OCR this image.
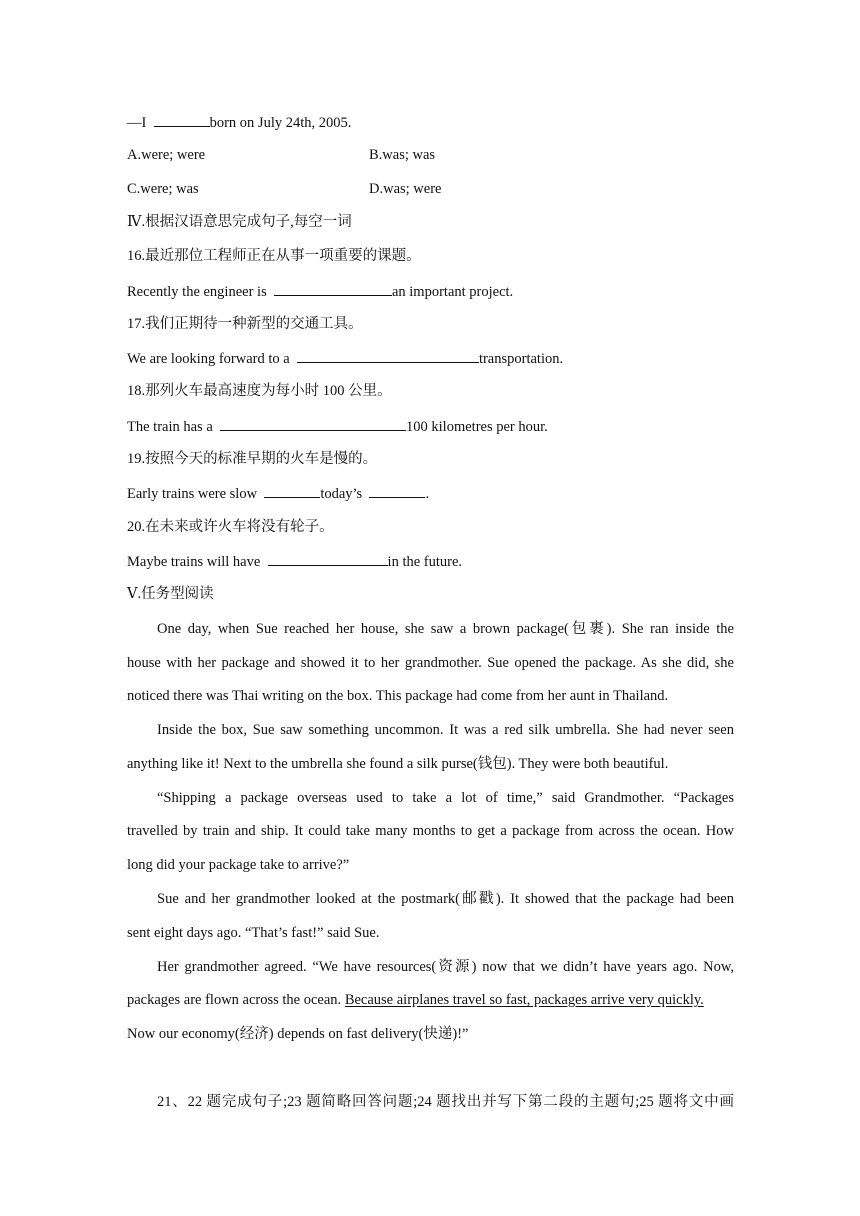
—I	born on July 24th, 2005.
A.were; were	B.was; was
C.were; was	D.was; were
Ⅳ.根据汉语意思完成句子,每空一词
16.最近那位工程师正在从事一项重要的课题。
Recently the engineer is	an important project.
17.我们正期待一种新型的交通工具。
We are looking forward to a	transportation.
18.那列火车最高速度为每小时 100 公里。
The train has a	100 kilometres per hour.
19.按照今天的标准早期的火车是慢的。
Early trains were slow	today’s	.
20.在未来或许火车将没有轮子。
Maybe trains will have	in the future.
Ⅴ.任务型阅读
One day, when Sue reached her house, she saw a brown package(包裹). She ran inside the
house with her package and showed it to her grandmother. Sue opened the package. As she did, she
noticed there was Thai writing on the box. This package had come from her aunt in Thailand.
Inside the box, Sue saw something uncommon. It was a red silk umbrella. She had never seen
anything like it! Next to the umbrella she found a silk purse(钱包). They were both beautiful.
“Shipping a package overseas used to take a lot of time,” said Grandmother. “Packages
travelled by train and ship. It could take many months to get a package from across the ocean. How
long did your package take to arrive?”
Sue and her grandmother looked at the postmark(邮戳). It showed that the package had been
sent eight days ago. “That’s fast!” said Sue.
Her grandmother agreed. “We have resources(资源) now that we didn’t have years ago. Now,
packages are flown across the ocean. Because airplanes travel so fast, packages arrive very quickly.
Now our economy(经济) depends on fast delivery(快递)!”
21、22 题完成句子;23 题简略回答问题;24 题找出并写下第二段的主题句;25 题将文中画
